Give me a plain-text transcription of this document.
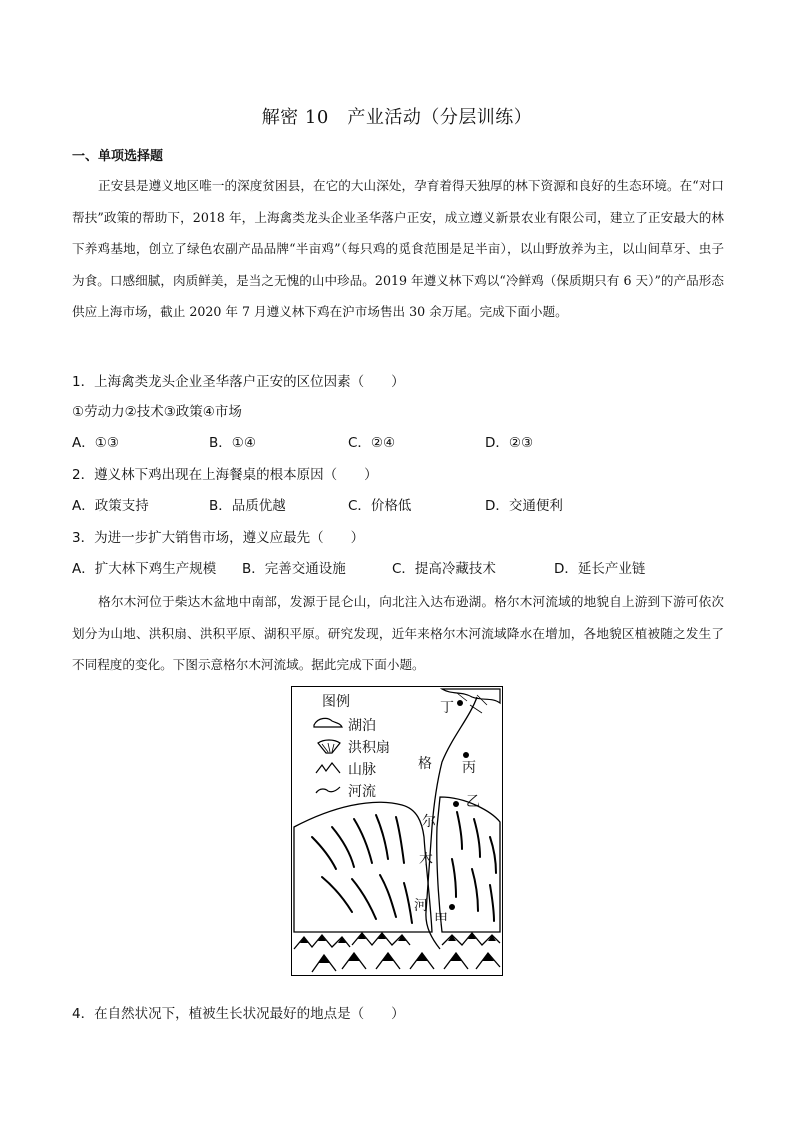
解密 10　产业活动（分层训练）
一、单项选择题
正安县是遵义地区唯一的深度贫困县，在它的大山深处，孕育着得天独厚的林下资源和良好的生态环境。在“对口帮扶”政策的帮助下，2018 年，上海禽类龙头企业圣华落户正安，成立遵义新景农业有限公司，建立了正安最大的林下养鸡基地，创立了绿色农副产品品牌“半亩鸡”（每只鸡的觅食范围是足半亩），以山野放养为主，以山间草牙、虫子为食。口感细腻，肉质鲜美，是当之无愧的山中珍品。2019 年遵义林下鸡以“冷鲜鸡（保质期只有 6 天）”的产品形态供应上海市场，截止 2020 年 7 月遵义林下鸡在沪市场售出 30 余万尾。完成下面小题。
1．上海禽类龙头企业圣华落户正安的区位因素（　　）
①劳动力②技术③政策④市场
A．①③	B．①④	C．②④	D．②③
2．遵义林下鸡出现在上海餐桌的根本原因（　　）
A．政策支持	B．品质优越	C．价格低	D．交通便利
3．为进一步扩大销售市场，遵义应最先（　　）
A．扩大林下鸡生产规模 B．完善交通设施	C．提高冷藏技术	D．延长产业链
格尔木河位于柴达木盆地中南部，发源于昆仑山，向北注入达布逊湖。格尔木河流域的地貌自上游到下游可依次划分为山地、洪积扇、洪积平原、湖积平原。研究发现，近年来格尔木河流域降水在增加，各地貌区植被随之发生了不同程度的变化。下图示意格尔木河流域。据此完成下面小题。
图例
湖泊
洪积扇
山脉
河流
格
尔
木
河
丁
丙
乙
甲
4．在自然状况下，植被生长状况最好的地点是（　　）
